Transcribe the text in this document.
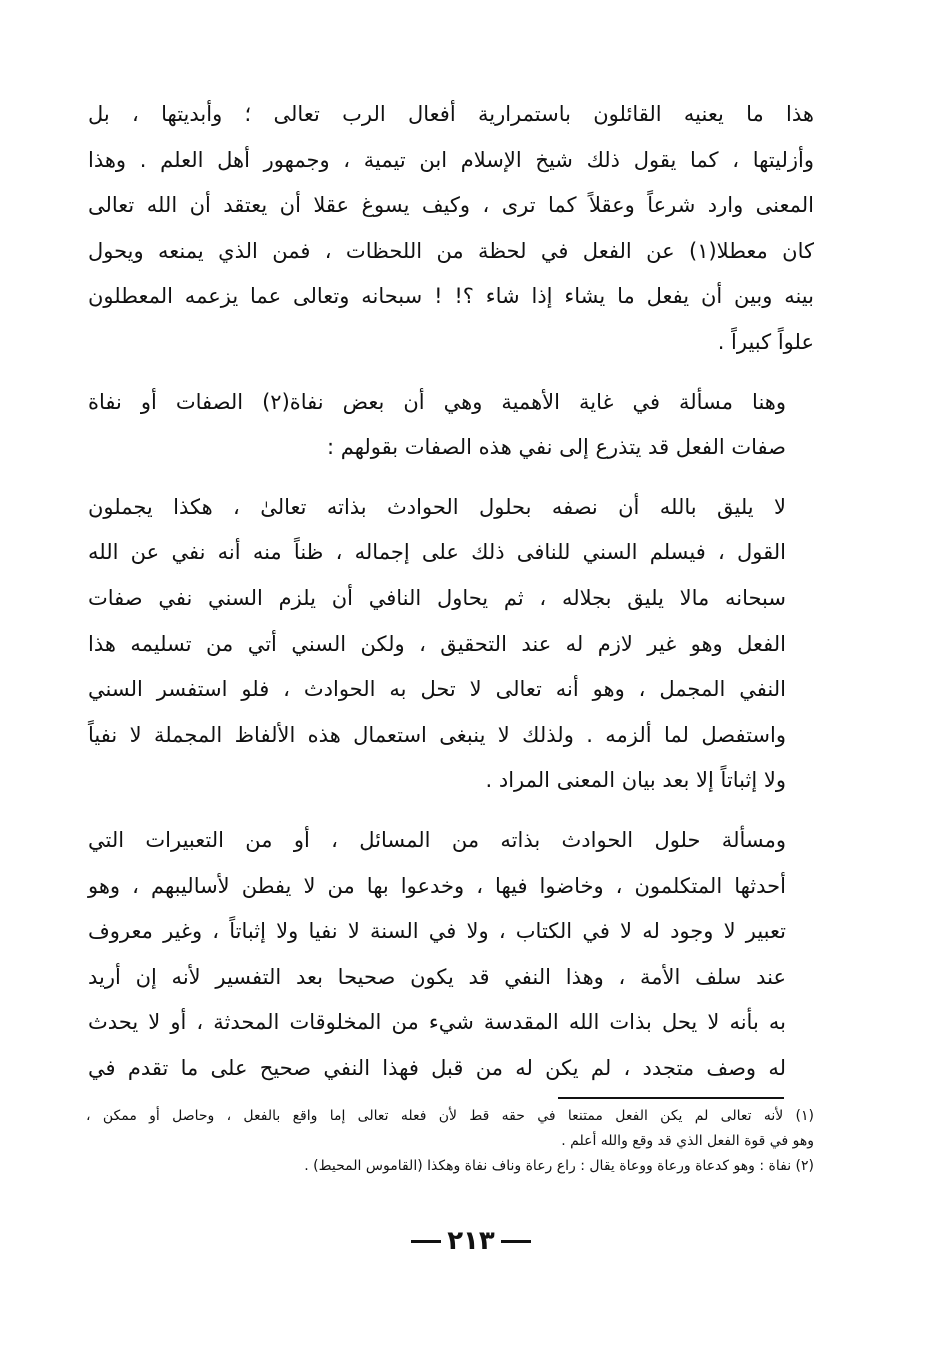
هذا ما يعنيه القائلون باستمرارية أفعال الرب تعالى ؛ وأبديتها ، بل
وأزليتها ، كما يقول ذلك شيخ الإسلام ابن تيمية ، وجمهور أهل العلم . وهذا
المعنى وارد شرعاً وعقلاً كما ترى ، وكيف يسوغ عقلا أن يعتقد أن الله تعالى
كان معطلا(١) عن الفعل في لحظة من اللحظات ، فمن الذي يمنعه ويحول
بينه وبين أن يفعل ما يشاء إذا شاء ؟! ! سبحانه وتعالى عما يزعمه المعطلون
علواً كبيراً .

وهنا مسألة في غاية الأهمية وهي أن بعض نفاة(٢) الصفات أو نفاة
صفات الفعل قد يتذرع إلى نفي هذه الصفات بقولهم :

لا يليق بالله أن نصفه بحلول الحوادث بذاته تعالىٰ ، هكذا يجملون
القول ، فيسلم السني للنافى ذلك على إجماله ، ظناً منه أنه نفي عن الله
سبحانه مالا يليق بجلاله ، ثم يحاول النافي أن يلزم السني نفي صفات
الفعل وهو غير لازم له عند التحقيق ، ولكن السني أتي من تسليمه هذا
النفي المجمل ، وهو أنه تعالى لا تحل به الحوادث ، فلو استفسر السني
واستفصل لما ألزمه . ولذلك لا ينبغى استعمال هذه الألفاظ المجملة لا نفياً
ولا إثباتاً إلا بعد بيان المعنى المراد .

ومسألة حلول الحوادث بذاته من المسائل ، أو من التعبيرات التي
أحدثها المتكلمون ، وخاضوا فيها ، وخدعوا بها من لا يفطن لأساليبهم ، وهو
تعبير لا وجود له لا في الكتاب ، ولا في السنة لا نفيا ولا إثباتاً ، وغير معروف
عند سلف الأمة ، وهذا النفي قد يكون صحيحا بعد التفسير لأنه إن أريد
به بأنه لا يحل بذات الله المقدسة شيء من المخلوقات المحدثة ، أو لا يحدث
له وصف متجدد ، لم يكن له من قبل فهذا النفي صحيح على ما تقدم في

(١) لأنه تعالى لم يكن الفعل ممتنعا في حقه قط لأن فعله تعالى إما واقع بالفعل ، وحاصل أو ممكن ،
وهو في قوة الفعل الذي قد وقع والله أعلم .

(٢) نفاة : وهو كدعاة ورعاة ووعاة يقال : راع رعاة وناف نفاة وهكذا (القاموس المحيط) .

٢١٣
